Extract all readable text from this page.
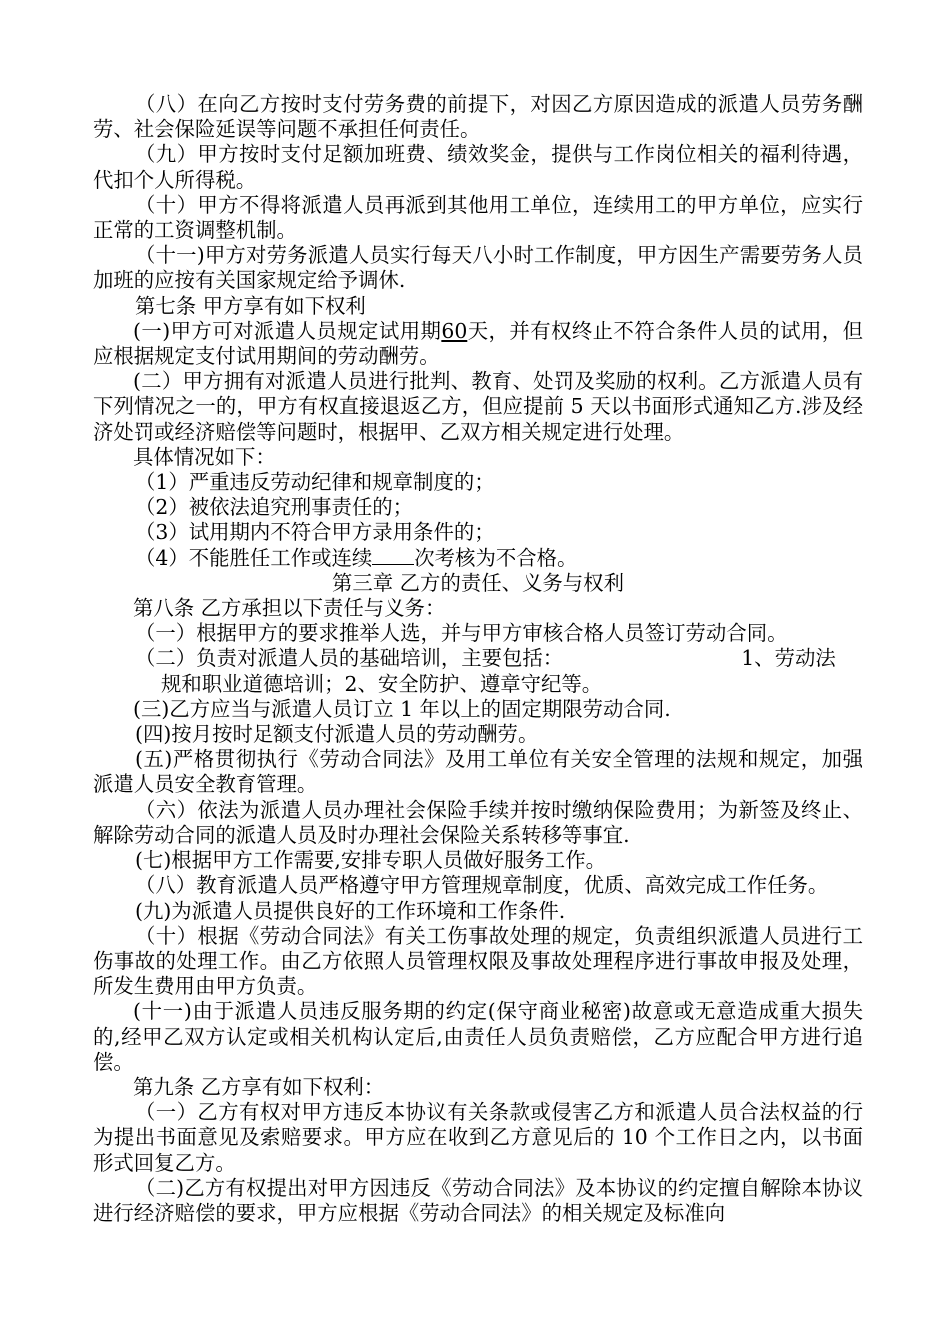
（八）在向乙方按时支付劳务费的前提下，对因乙方原因造成的派遣人员劳务酬劳、社会保险延误等问题不承担任何责任。

（九）甲方按时支付足额加班费、绩效奖金，提供与工作岗位相关的福利待遇，代扣个人所得税。

（十）甲方不得将派遣人员再派到其他用工单位，连续用工的甲方单位，应实行正常的工资调整机制。

（十一)甲方对劳务派遣人员实行每天八小时工作制度，甲方因生产需要劳务人员加班的应按有关国家规定给予调休.

第七条 甲方享有如下权利

(一)甲方可对派遣人员规定试用期60天，并有权终止不符合条件人员的试用，但应根据规定支付试用期间的劳动酬劳。

(二）甲方拥有对派遣人员进行批判、教育、处罚及奖励的权利。乙方派遣人员有下列情况之一的，甲方有权直接退返乙方，但应提前 5 天以书面形式通知乙方.涉及经济处罚或经济赔偿等问题时，根据甲、乙双方相关规定进行处理。

具体情况如下：

（1）严重违反劳动纪律和规章制度的；

（2）被依法追究刑事责任的；

（3）试用期内不符合甲方录用条件的；

（4）不能胜任工作或连续 次考核为不合格。

第三章 乙方的责任、义务与权利

第八条 乙方承担以下责任与义务：

（一）根据甲方的要求推举人选，并与甲方审核合格人员签订劳动合同。

（二）负责对派遣人员的基础培训，主要包括：	1、劳动法

规和职业道德培训；2、安全防护、遵章守纪等。

(三)乙方应当与派遣人员订立 1 年以上的固定期限劳动合同.

(四)按月按时足额支付派遣人员的劳动酬劳。

(五)严格贯彻执行《劳动合同法》及用工单位有关安全管理的法规和规定，加强派遣人员安全教育管理。

（六）依法为派遣人员办理社会保险手续并按时缴纳保险费用；为新签及终止、解除劳动合同的派遣人员及时办理社会保险关系转移等事宜.

(七)根据甲方工作需要,安排专职人员做好服务工作。

（八）教育派遣人员严格遵守甲方管理规章制度，优质、高效完成工作任务。

(九)为派遣人员提供良好的工作环境和工作条件.

（十）根据《劳动合同法》有关工伤事故处理的规定，负责组织派遣人员进行工伤事故的处理工作。由乙方依照人员管理权限及事故处理程序进行事故申报及处理，所发生费用由甲方负责。

(十一)由于派遣人员违反服务期的约定(保守商业秘密)故意或无意造成重大损失的,经甲乙双方认定或相关机构认定后,由责任人员负责赔偿，乙方应配合甲方进行追偿。

第九条 乙方享有如下权利：

（一）乙方有权对甲方违反本协议有关条款或侵害乙方和派遣人员合法权益的行为提出书面意见及索赔要求。甲方应在收到乙方意见后的 10 个工作日之内，以书面形式回复乙方。

（二)乙方有权提出对甲方因违反《劳动合同法》及本协议的约定擅自解除本协议进行经济赔偿的要求，甲方应根据《劳动合同法》的相关规定及标准向
